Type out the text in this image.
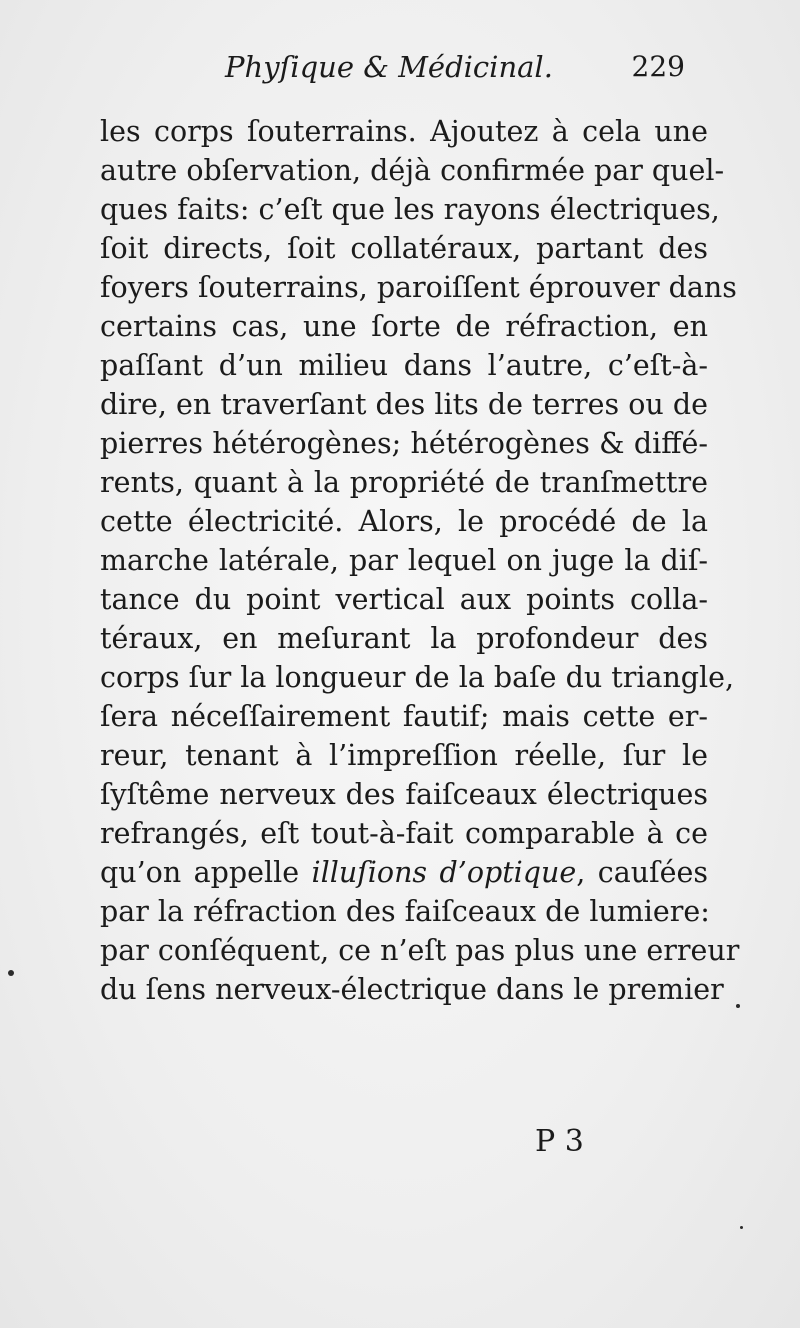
Phyſique & Médicinal.	229
les corps ſouterrains. Ajoutez à cela une
autre obſervation, déjà confirmée par quel-
ques faits: c’eſt que les rayons électriques,
ſoit directs, ſoit collatéraux, partant des
foyers ſouterrains, paroiſſent éprouver dans
certains cas, une ſorte de réfraction, en
paſſant d’un milieu dans l’autre, c’eſt-à-
dire, en traverſant des lits de terres ou de
pierres hétérogènes; hétérogènes & diffé-
rents, quant à la propriété de tranſmettre
cette électricité. Alors, le procédé de la
marche latérale, par lequel on juge la diſ-
tance du point vertical aux points colla-
téraux, en meſurant la profondeur des
corps ſur la longueur de la baſe du triangle,
ſera néceſſairement fautif; mais cette er-
reur, tenant à l’impreſſion réelle, ſur le
ſyſtême nerveux des faiſceaux électriques
refrangés, eſt tout-à-fait comparable à ce
qu’on appelle illuſions d’optique, cauſées
par la réfraction des faiſceaux de lumiere:
par conſéquent, ce n’eſt pas plus une erreur
du ſens nerveux-électrique dans le premier
P 3
